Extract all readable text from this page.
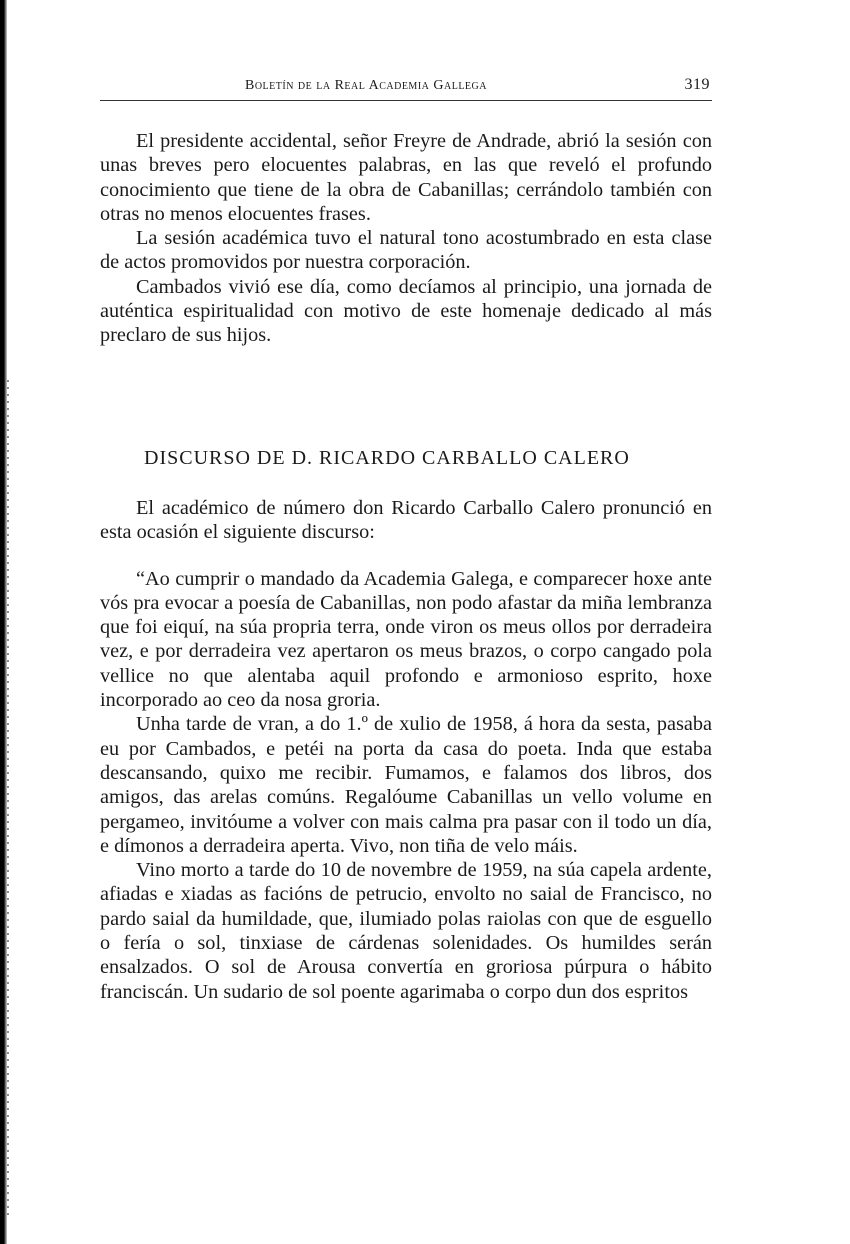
Boletín de la Real Academia Gallega	319

El presidente accidental, señor Freyre de Andrade, abrió la sesión con unas breves pero elocuentes palabras, en las que reveló el profundo conocimiento que tiene de la obra de Cabanillas; cerrándolo también con otras no menos elocuentes frases.

La sesión académica tuvo el natural tono acostumbrado en esta clase de actos promovidos por nuestra corporación.

Cambados vivió ese día, como decíamos al principio, una jornada de auténtica espiritualidad con motivo de este homenaje dedicado al más preclaro de sus hijos.

DISCURSO DE D. RICARDO CARBALLO CALERO

El académico de número don Ricardo Carballo Calero pronunció en esta ocasión el siguiente discurso:

“Ao cumprir o mandado da Academia Galega, e comparecer hoxe ante vós pra evocar a poesía de Cabanillas, non podo afastar da miña lembranza que foi eiquí, na súa propria terra, onde viron os meus ollos por derradeira vez, e por derradeira vez apertaron os meus brazos, o corpo cangado pola vellice no que alentaba aquil profondo e armonioso esprito, hoxe incorporado ao ceo da nosa groria.

Unha tarde de vran, a do 1.º de xulio de 1958, á hora da sesta, pasaba eu por Cambados, e petéi na porta da casa do poeta. Inda que estaba descansando, quixo me recibir. Fumamos, e falamos dos libros, dos amigos, das arelas comúns. Regalóume Cabanillas un vello volume en pergameo, invitóume a volver con mais calma pra pasar con il todo un día, e dímonos a derradeira aperta. Vivo, non tiña de velo máis.

Vino morto a tarde do 10 de novembre de 1959, na súa capela ardente, afiadas e xiadas as facións de petrucio, envolto no saial de Francisco, no pardo saial da humildade, que, ilumiado polas raiolas con que de esguello o fería o sol, tinxiase de cárdenas solenidades. Os humildes serán ensalzados. O sol de Arousa convertía en groriosa púrpura o hábito franciscán. Un sudario de sol poente agarimaba o corpo dun dos espritos
